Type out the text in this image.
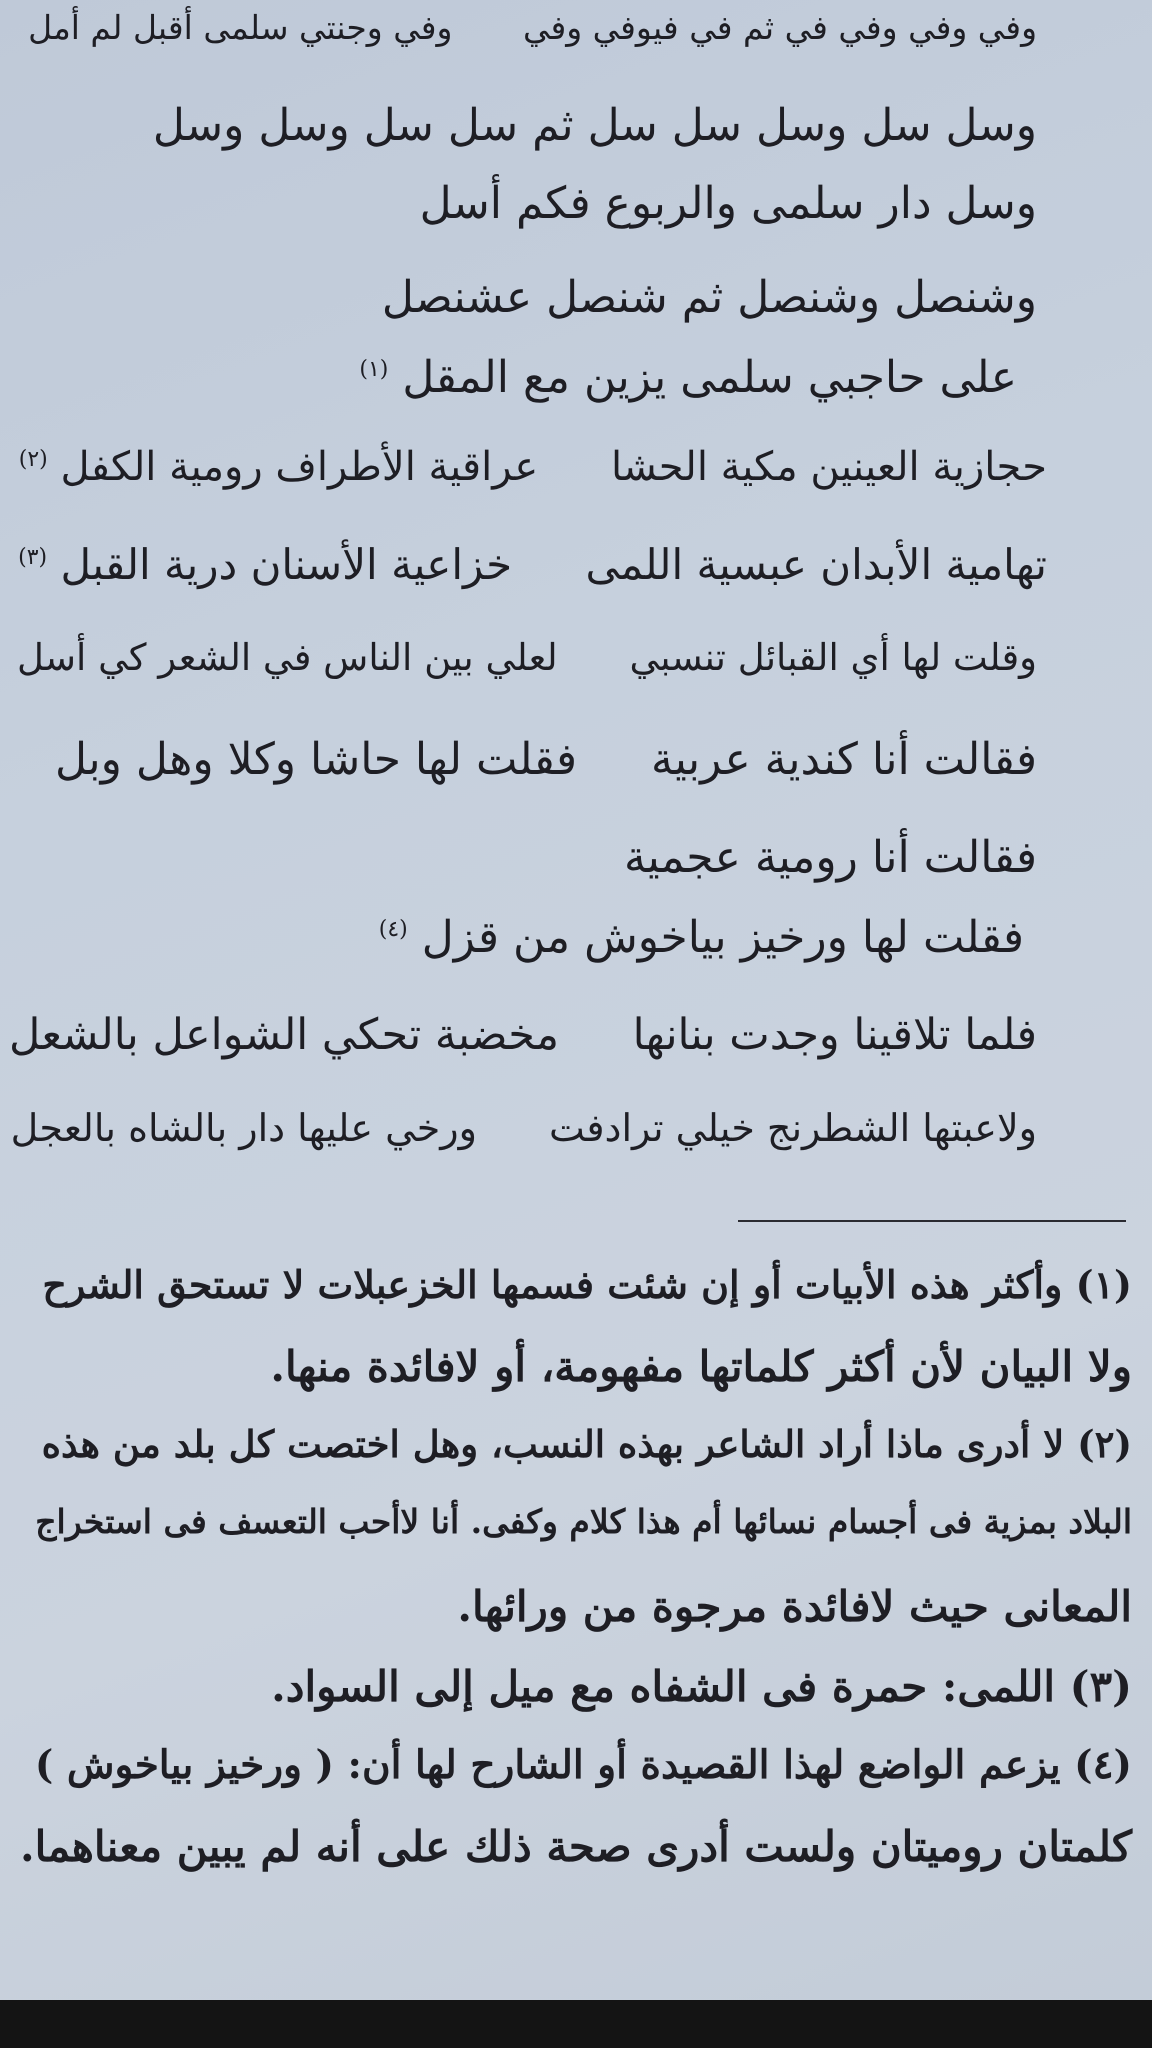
وفي وفي وفي في ثم في فيوفي وفي وفي وجنتي سلمى أقبل لم أمل
وسل سل وسل سل سل ثم سل سل وسل وسل
وسل دار سلمى والربوع فكم أسل
وشنصل وشنصل ثم شنصل عشنصل
على حاجبي سلمى يزين مع المقل $^{(١)}$
حجازية العينين مكية الحشا عراقية الأطراف رومية الكفل $^{(٢)}$
تهامية الأبدان عبسية اللمى خزاعية الأسنان درية القبل $^{(٣)}$
وقلت لها أي القبائل تنسبي لعلي بين الناس في الشعر كي أسل
فقالت أنا كندية عربية فقلت لها حاشا وكلا وهل وبل
فقالت أنا رومية عجمية
فقلت لها ورخيز بياخوش من قزل $^{(٤)}$
فلما تلاقينا وجدت بنانها مخضبة تحكي الشواعل بالشعل
ولاعبتها الشطرنج خيلي ترادفت ورخي عليها دار بالشاه بالعجل
(١) وأكثر هذه الأبيات أو إن شئت فسمها الخزعبلات لا تستحق الشرح
ولا البيان لأن أكثر كلماتها مفهومة، أو لافائدة منها.
(٢) لا أدرى ماذا أراد الشاعر بهذه النسب، وهل اختصت كل بلد من هذه
البلاد بمزية فى أجسام نسائها أم هذا كلام وكفى. أنا لاأحب التعسف فى استخراج
المعانى حيث لافائدة مرجوة من ورائها.
(٣) اللمى: حمرة فى الشفاه مع ميل إلى السواد.
(٤) يزعم الواضع لهذا القصيدة أو الشارح لها أن: ( ورخيز بياخوش )
كلمتان روميتان ولست أدرى صحة ذلك على أنه لم يبين معناهما.
